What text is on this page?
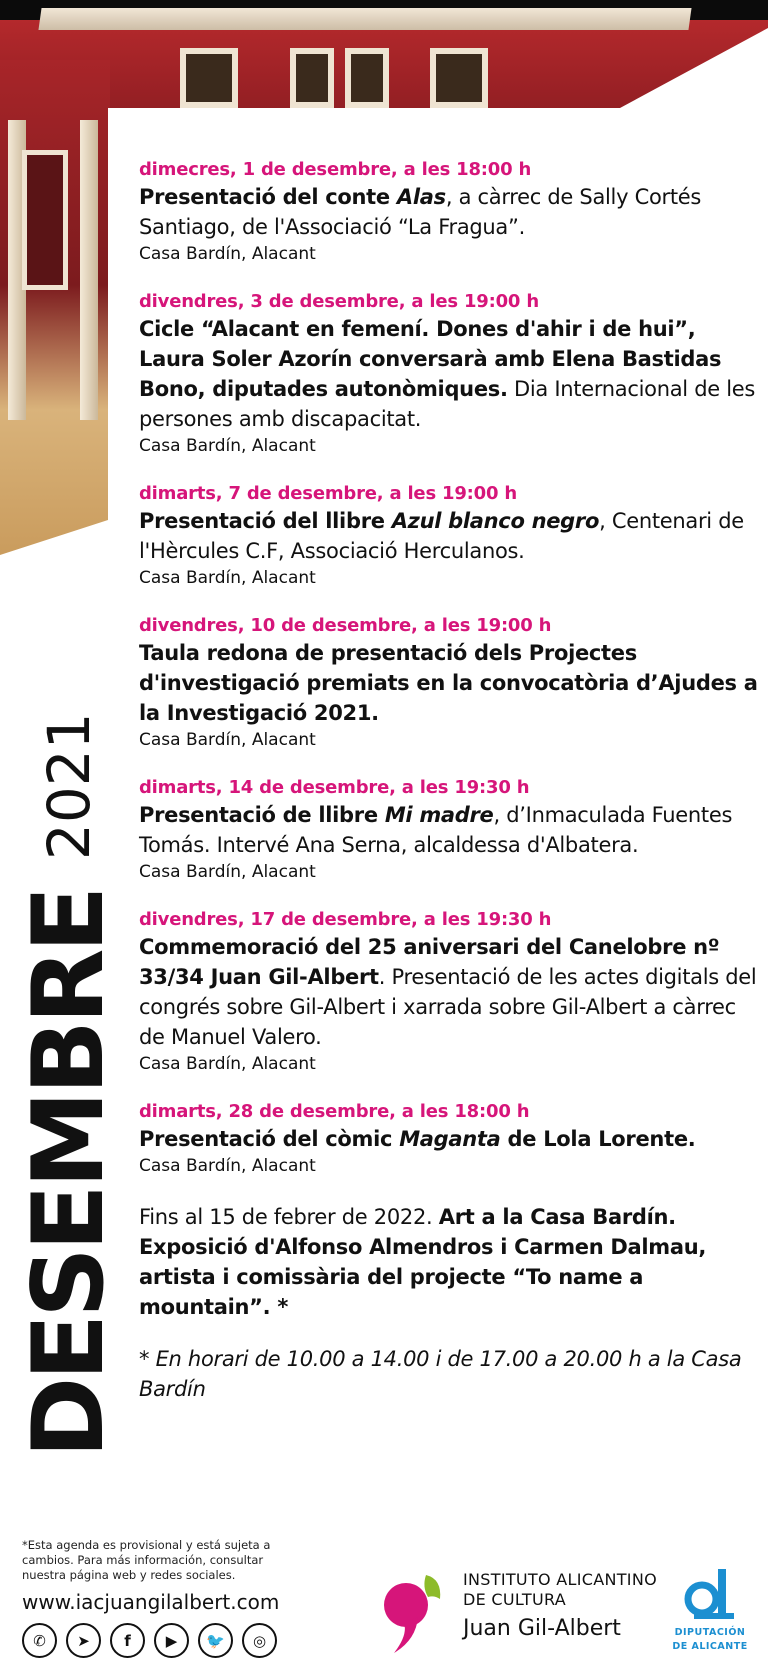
DESEMBRE2021
dimecres, 1 de desembre, a les 18:00 h
Presentació del conte Alas, a càrrec de Sally Cortés Santiago, de l'Associació “La Fragua”.
Casa Bardín, Alacant
divendres, 3 de desembre, a les 19:00 h
Cicle “Alacant en femení. Dones d'ahir i de hui”, Laura Soler Azorín conversarà amb Elena Bastidas Bono, diputades autonòmiques. Dia Internacional de les persones amb discapacitat.
Casa Bardín, Alacant
dimarts, 7 de desembre, a les 19:00 h
Presentació del llibre Azul blanco negro, Centenari de l'Hèrcules C.F, Associació Herculanos.
Casa Bardín, Alacant
divendres, 10 de desembre, a les 19:00 h
Taula redona de presentació dels Projectes d'investigació premiats en la convocatòria d’Ajudes a la Investigació 2021.
Casa Bardín, Alacant
dimarts, 14 de desembre, a les 19:30 h
Presentació de llibre Mi madre, d’Inmaculada Fuentes Tomás. Intervé Ana Serna, alcaldessa d'Albatera.
Casa Bardín, Alacant
divendres, 17 de desembre, a les 19:30 h
Commemoració del 25 aniversari del Canelobre nº 33/34 Juan Gil-Albert. Presentació de les actes digitals del congrés sobre Gil-Albert i xarrada sobre Gil-Albert a càrrec de Manuel Valero.
Casa Bardín, Alacant
dimarts, 28 de desembre, a les 18:00 h
Presentació del còmic Maganta de Lola Lorente.
Casa Bardín, Alacant
Fins al 15 de febrer de 2022. Art a la Casa Bardín. Exposició d'Alfonso Almendros i Carmen Dalmau, artista i comissària del projecte “To name a mountain”. *
* En horari de 10.00 a 14.00 i de 17.00 a 20.00 h a la Casa Bardín
*Esta agenda es provisional y está sujeta a cambios. Para más información, consultar nuestra página web y redes sociales.
www.iacjuangilalbert.com
✆	➤	f	▶	🐦	◎
INSTITUTO ALICANTINO
DE CULTURA
Juan Gil-Albert	DIPUTACIÓN
DE ALICANTE
